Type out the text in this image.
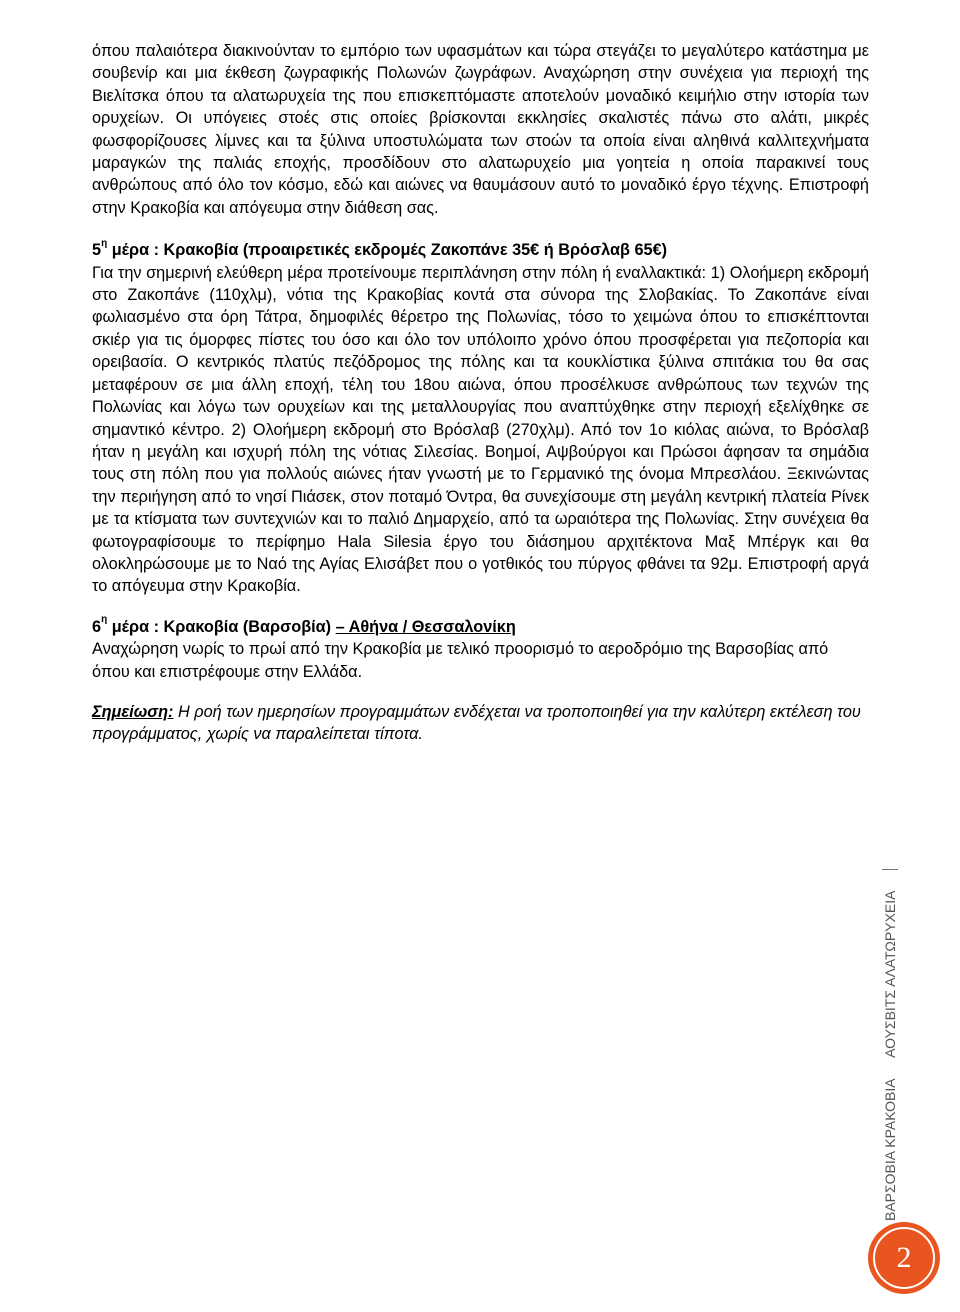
όπου παλαιότερα διακινούνταν το εμπόριο των υφασμάτων και τώρα στεγάζει το μεγαλύτερο κατάστημα με σουβενίρ και μια έκθεση ζωγραφικής Πολωνών ζωγράφων. Αναχώρηση στην συνέχεια για περιοχή της Βιελίτσκα όπου τα αλατωρυχεία της που επισκεπτόμαστε αποτελούν μοναδικό κειμήλιο στην ιστορία των ορυχείων. Οι υπόγειες στοές στις οποίες βρίσκονται εκκλησίες σκαλιστές πάνω στο αλάτι, μικρές φωσφορίζουσες λίμνες και τα ξύλινα υποστυλώματα των στοών τα οποία είναι αληθινά καλλιτεχνήματα μαραγκών της παλιάς εποχής, προσδίδουν στο αλατωρυχείο μια γοητεία η οποία παρακινεί τους ανθρώπους από όλο τον κόσμο, εδώ και αιώνες να θαυμάσουν αυτό το μοναδικό έργο τέχνης. Επιστροφή στην Κρακοβία και απόγευμα στην διάθεση σας.

$5^\eta$ μέρα : Κρακοβία (προαιρετικές εκδρομές Ζακοπάνε 35€ ή Βρόσλαβ 65€)

Για την σημερινή ελεύθερη μέρα προτείνουμε περιπλάνηση στην πόλη ή εναλλακτικά: 1) Ολοήμερη εκδρομή στο Ζακοπάνε (110χλμ), νότια της Κρακοβίας κοντά στα σύνορα της Σλοβακίας. Το Ζακοπάνε είναι φωλιασμένο στα όρη Τάτρα, δημοφιλές θέρετρο της Πολωνίας, τόσο το χειμώνα όπου το επισκέπτονται σκιέρ για τις όμορφες πίστες του όσο και όλο τον υπόλοιπο χρόνο όπου προσφέρεται για πεζοπορία και ορειβασία. Ο κεντρικός πλατύς πεζόδρομος της πόλης και τα κουκλίστικα ξύλινα σπιτάκια του θα σας μεταφέρουν σε μια άλλη εποχή, τέλη του 18ου αιώνα, όπου προσέλκυσε ανθρώπους των τεχνών της Πολωνίας και λόγω των ορυχείων και της μεταλλουργίας που αναπτύχθηκε στην περιοχή εξελίχθηκε σε σημαντικό κέντρο. 2) Ολοήμερη εκδρομή στο Βρόσλαβ (270χλμ). Από τον 1ο κιόλας αιώνα, το Βρόσλαβ ήταν η μεγάλη και ισχυρή πόλη της νότιας Σιλεσίας. Βοημοί, Αψβούργοι και Πρώσοι άφησαν τα σημάδια τους στη πόλη που για πολλούς αιώνες ήταν γνωστή με το Γερμανικό της όνομα Μπρεσλάου. Ξεκινώντας την περιήγηση από το νησί Πιάσεκ, στον ποταμό Όντρα, θα συνεχίσουμε στη μεγάλη κεντρική πλατεία Ρίνεκ με τα κτίσματα των συντεχνιών και το παλιό Δημαρχείο, από τα ωραιότερα της Πολωνίας. Στην συνέχεια θα φωτογραφίσουμε το περίφημο Hala Silesia έργο του διάσημου αρχιτέκτονα Μαξ Μπέργκ και θα ολοκληρώσουμε με το Ναό της Αγίας Ελισάβετ που ο γοτθικός του πύργος φθάνει τα 92μ. Επιστροφή αργά το απόγευμα στην Κρακοβία.

$6^\eta$ μέρα : Κρακοβία (Βαρσοβία) – Αθήνα / Θεσσαλονίκη

Αναχώρηση νωρίς το πρωί από την Κρακοβία με τελικό προορισμό το αεροδρόμιο της Βαρσοβίας από όπου και επιστρέφουμε στην Ελλάδα.

Σημείωση: Η ροή των ημερησίων προγραμμάτων ενδέχεται να τροποποιηθεί για την καλύτερη εκτέλεση του προγράμματος, χωρίς να παραλείπεται τίποτα.

ΒΑΡΣΟΒΙΑ ΚΡΑΚΟΒΙΑ
ΑΟΥΣΒΙΤΣ ΑΛΑΤΩΡΥΧΕΙΑ
2
